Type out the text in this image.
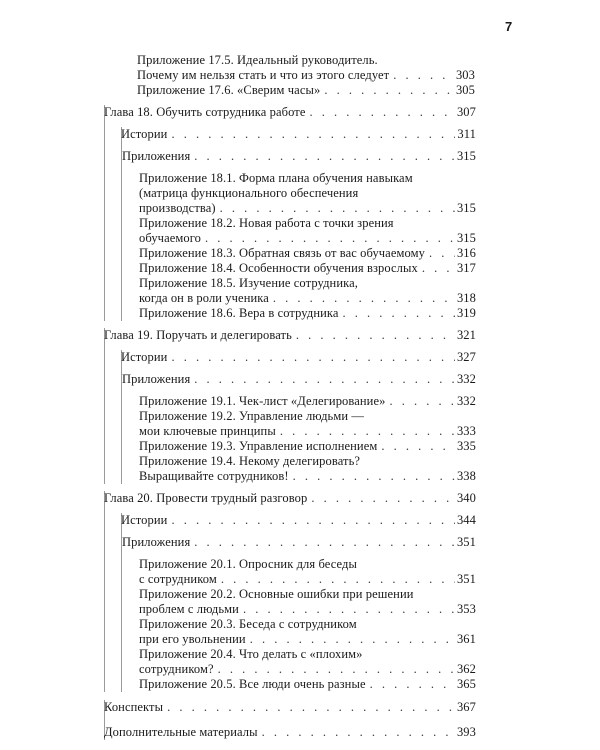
7
Приложение 17.5. Идеальный руководитель.
Почему им нельзя стать и что из этого следует . . .	303
Приложение 17.6. «Сверим часы» . . .	305
Глава 18. Обучить сотрудника работе . . .	307
Истории . . .	311
Приложения . . .	315
Приложение 18.1. Форма плана обучения навыкам
(матрица функционального обеспечения
производства) . . .	315
Приложение 18.2. Новая работа с точки зрения
обучаемого . . .	315
Приложение 18.3. Обратная связь от вас обучаемому . . .	316
Приложение 18.4. Особенности обучения взрослых . . .	317
Приложение 18.5. Изучение сотрудника,
когда он в роли ученика . . .	318
Приложение 18.6. Вера в сотрудника . . .	319
Глава 19. Поручать и делегировать . . .	321
Истории . . .	327
Приложения . . .	332
Приложение 19.1. Чек-лист «Делегирование» . . .	332
Приложение 19.2. Управление людьми —
мои ключевые принципы . . .	333
Приложение 19.3. Управление исполнением . . .	335
Приложение 19.4. Некому делегировать?
Выращивайте сотрудников! . . .	338
Глава 20. Провести трудный разговор . . .	340
Истории . . .	344
Приложения . . .	351
Приложение 20.1. Опросник для беседы
с сотрудником . . .	351
Приложение 20.2. Основные ошибки при решении
проблем с людьми . . .	353
Приложение 20.3. Беседа с сотрудником
при его увольнении . . .	361
Приложение 20.4. Что делать с «плохим»
сотрудником? . . .	362
Приложение 20.5. Все люди очень разные . . .	365
Конспекты . . .	367
Дополнительные материалы . . .	393
